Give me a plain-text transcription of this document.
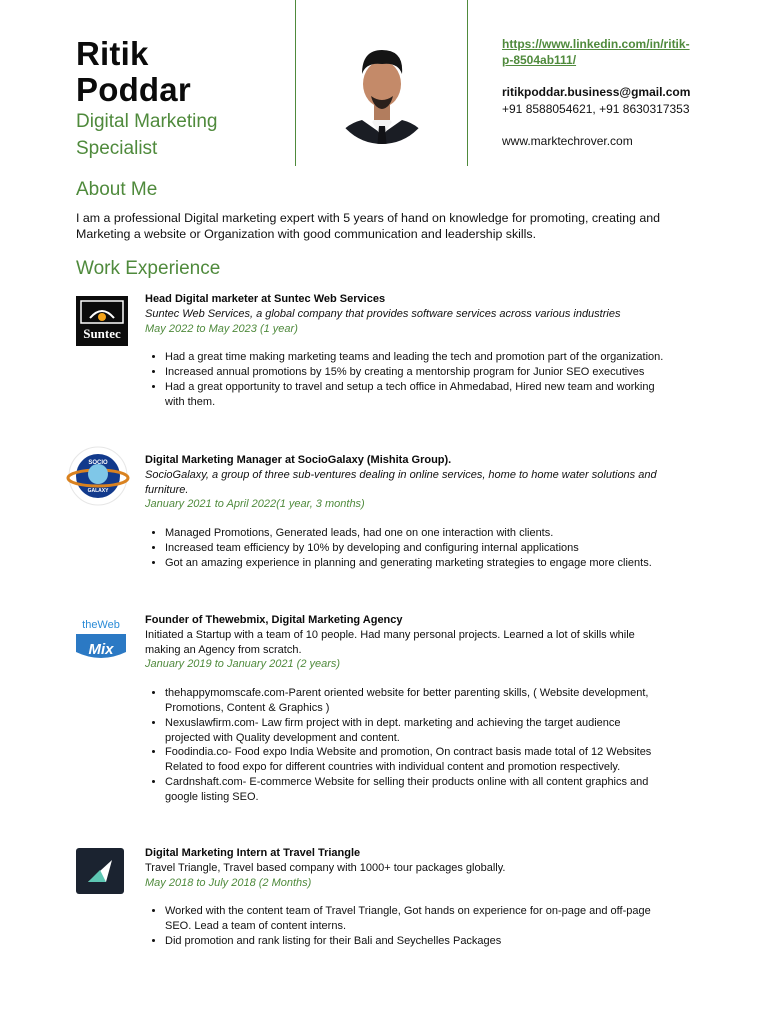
Ritik
Poddar
Digital Marketing
Specialist
https://www.linkedin.com/in/ritik-
p-8504ab111/
ritikpoddar.business@gmail.com
+91 8588054621, +91 8630317353
www.marktechrover.com
About Me
I am a professional Digital marketing expert with 5 years of hand on knowledge for promoting, creating and Marketing a website or Organization with good communication and leadership skills.
Work Experience
Suntec
Head Digital marketer at Suntec Web Services
Suntec Web Services, a global company that provides software services across various industries
May 2022 to May 2023 (1 year)
• Had a great time making marketing teams and leading the tech and promotion part of the organization.
• Increased annual promotions by 15% by creating a mentorship program for Junior SEO executives
• Had a great opportunity to travel and setup a tech office in Ahmedabad, Hired new team and working with them.
SOCIO
GALAXY
Digital Marketing Manager at SocioGalaxy (Mishita Group).
SocioGalaxy, a group of three sub-ventures dealing in online services, home to home water solutions and furniture.
January 2021 to April 2022(1 year, 3 months)
• Managed Promotions, Generated leads, had one on one interaction with clients.
• Increased team efficiency by 10% by developing and configuring internal applications
• Got an amazing experience in planning and generating marketing strategies to engage more clients.
theWeb
Mix
Founder of Thewebmix, Digital Marketing Agency
Initiated a Startup with a team of 10 people. Had many personal projects. Learned a lot of skills while making an Agency from scratch.
January 2019 to January 2021 (2 years)
• thehappymomscafe.com-Parent oriented website for better parenting skills, ( Website development, Promotions, Content & Graphics )
• Nexuslawfirm.com- Law firm project with in dept. marketing and achieving the target audience projected with Quality development and content.
• Foodindia.co- Food expo India Website and promotion, On contract basis made total of 12 Websites Related to food expo for different countries with individual content and promotion respectively.
• Cardnshaft.com- E-commerce Website for selling their products online with all content graphics and google listing SEO.
Digital Marketing Intern at Travel Triangle
Travel Triangle, Travel based company with 1000+ tour packages globally.
May 2018 to July 2018 (2 Months)
• Worked with the content team of Travel Triangle, Got hands on experience for on-page and off-page SEO. Lead a team of content interns.
• Did promotion and rank listing for their Bali and Seychelles Packages
